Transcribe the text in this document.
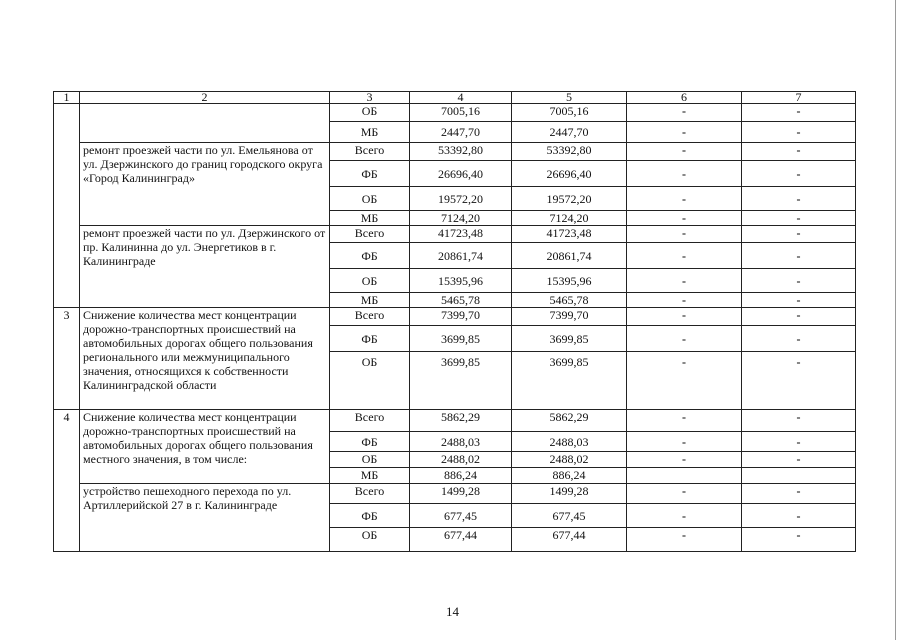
1	2	3	4	5	6	7
		ОБ	7005,16	7005,16	-	-
		МБ	2447,70	2447,70	-	-
	ремонт проезжей части по ул. Емельянова от ул. Дзержинского до границ городского округа «Город Калининград»	Всего	53392,80	53392,80	-	-
		ФБ	26696,40	26696,40	-	-
		ОБ	19572,20	19572,20	-	-
		МБ	7124,20	7124,20	-	-
	ремонт проезжей части по ул. Дзержинского от пр. Калининна до ул. Энергетиков в г. Калининграде	Всего	41723,48	41723,48	-	-
		ФБ	20861,74	20861,74	-	-
		ОБ	15395,96	15395,96	-	-
		МБ	5465,78	5465,78	-	-
3	Снижение количества мест концентрации дорожно-транспортных происшествий на автомобильных дорогах общего пользования регионального или межмуниципального значения, относящихся к собственности Калининградской области	Всего	7399,70	7399,70	-	-
		ФБ	3699,85	3699,85	-	-
		ОБ	3699,85	3699,85	-	-
4	Снижение количества мест концентрации дорожно-транспортных происшествий на автомобильных дорогах общего пользования местного значения, в том числе:	Всего	5862,29	5862,29	-	-
		ФБ	2488,03	2488,03	-	-
		ОБ	2488,02	2488,02	-	-
		МБ	886,24	886,24		
	устройство пешеходного перехода по ул. Артиллерийской 27 в г. Калининграде	Всего	1499,28	1499,28	-	-
		ФБ	677,45	677,45	-	-
		ОБ	677,44	677,44	-	-
14
